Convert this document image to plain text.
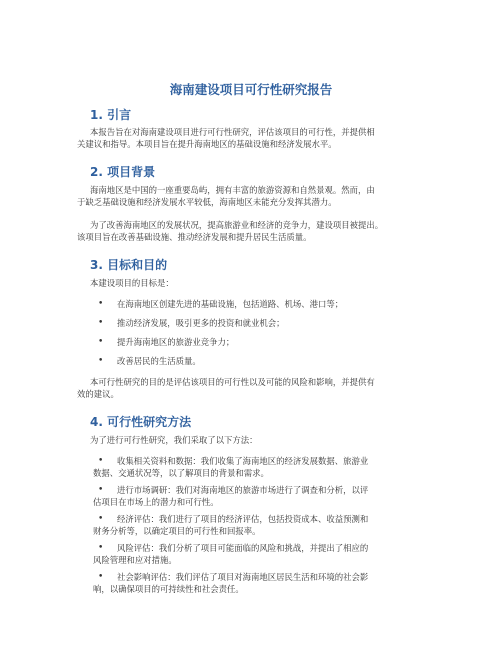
海南建设项目可行性研究报告
1. 引言
本报告旨在对海南建设项目进行可行性研究，评估该项目的可行性，并提供相
关建议和指导。本项目旨在提升海南地区的基础设施和经济发展水平。
2. 项目背景
海南地区是中国的一座重要岛屿，拥有丰富的旅游资源和自然景观。然而，由
于缺乏基础设施和经济发展水平较低，海南地区未能充分发挥其潜力。
为了改善海南地区的发展状况，提高旅游业和经济的竞争力，建设项目被提出。
该项目旨在改善基础设施、推动经济发展和提升居民生活质量。
3. 目标和目的
本建设项目的目标是：
• 在海南地区创建先进的基础设施，包括道路、机场、港口等；
• 推动经济发展，吸引更多的投资和就业机会；
• 提升海南地区的旅游业竞争力；
• 改善居民的生活质量。
本可行性研究的目的是评估该项目的可行性以及可能的风险和影响，并提供有
效的建议。
4. 可行性研究方法
为了进行可行性研究，我们采取了以下方法：
• 收集相关资料和数据：我们收集了海南地区的经济发展数据、旅游业
数据、交通状况等，以了解项目的背景和需求。
• 进行市场调研：我们对海南地区的旅游市场进行了调查和分析，以评
估项目在市场上的潜力和可行性。
• 经济评估：我们进行了项目的经济评估，包括投资成本、收益预测和
财务分析等，以确定项目的可行性和回报率。
• 风险评估：我们分析了项目可能面临的风险和挑战，并提出了相应的
风险管理和应对措施。
• 社会影响评估：我们评估了项目对海南地区居民生活和环境的社会影
响，以确保项目的可持续性和社会责任。
